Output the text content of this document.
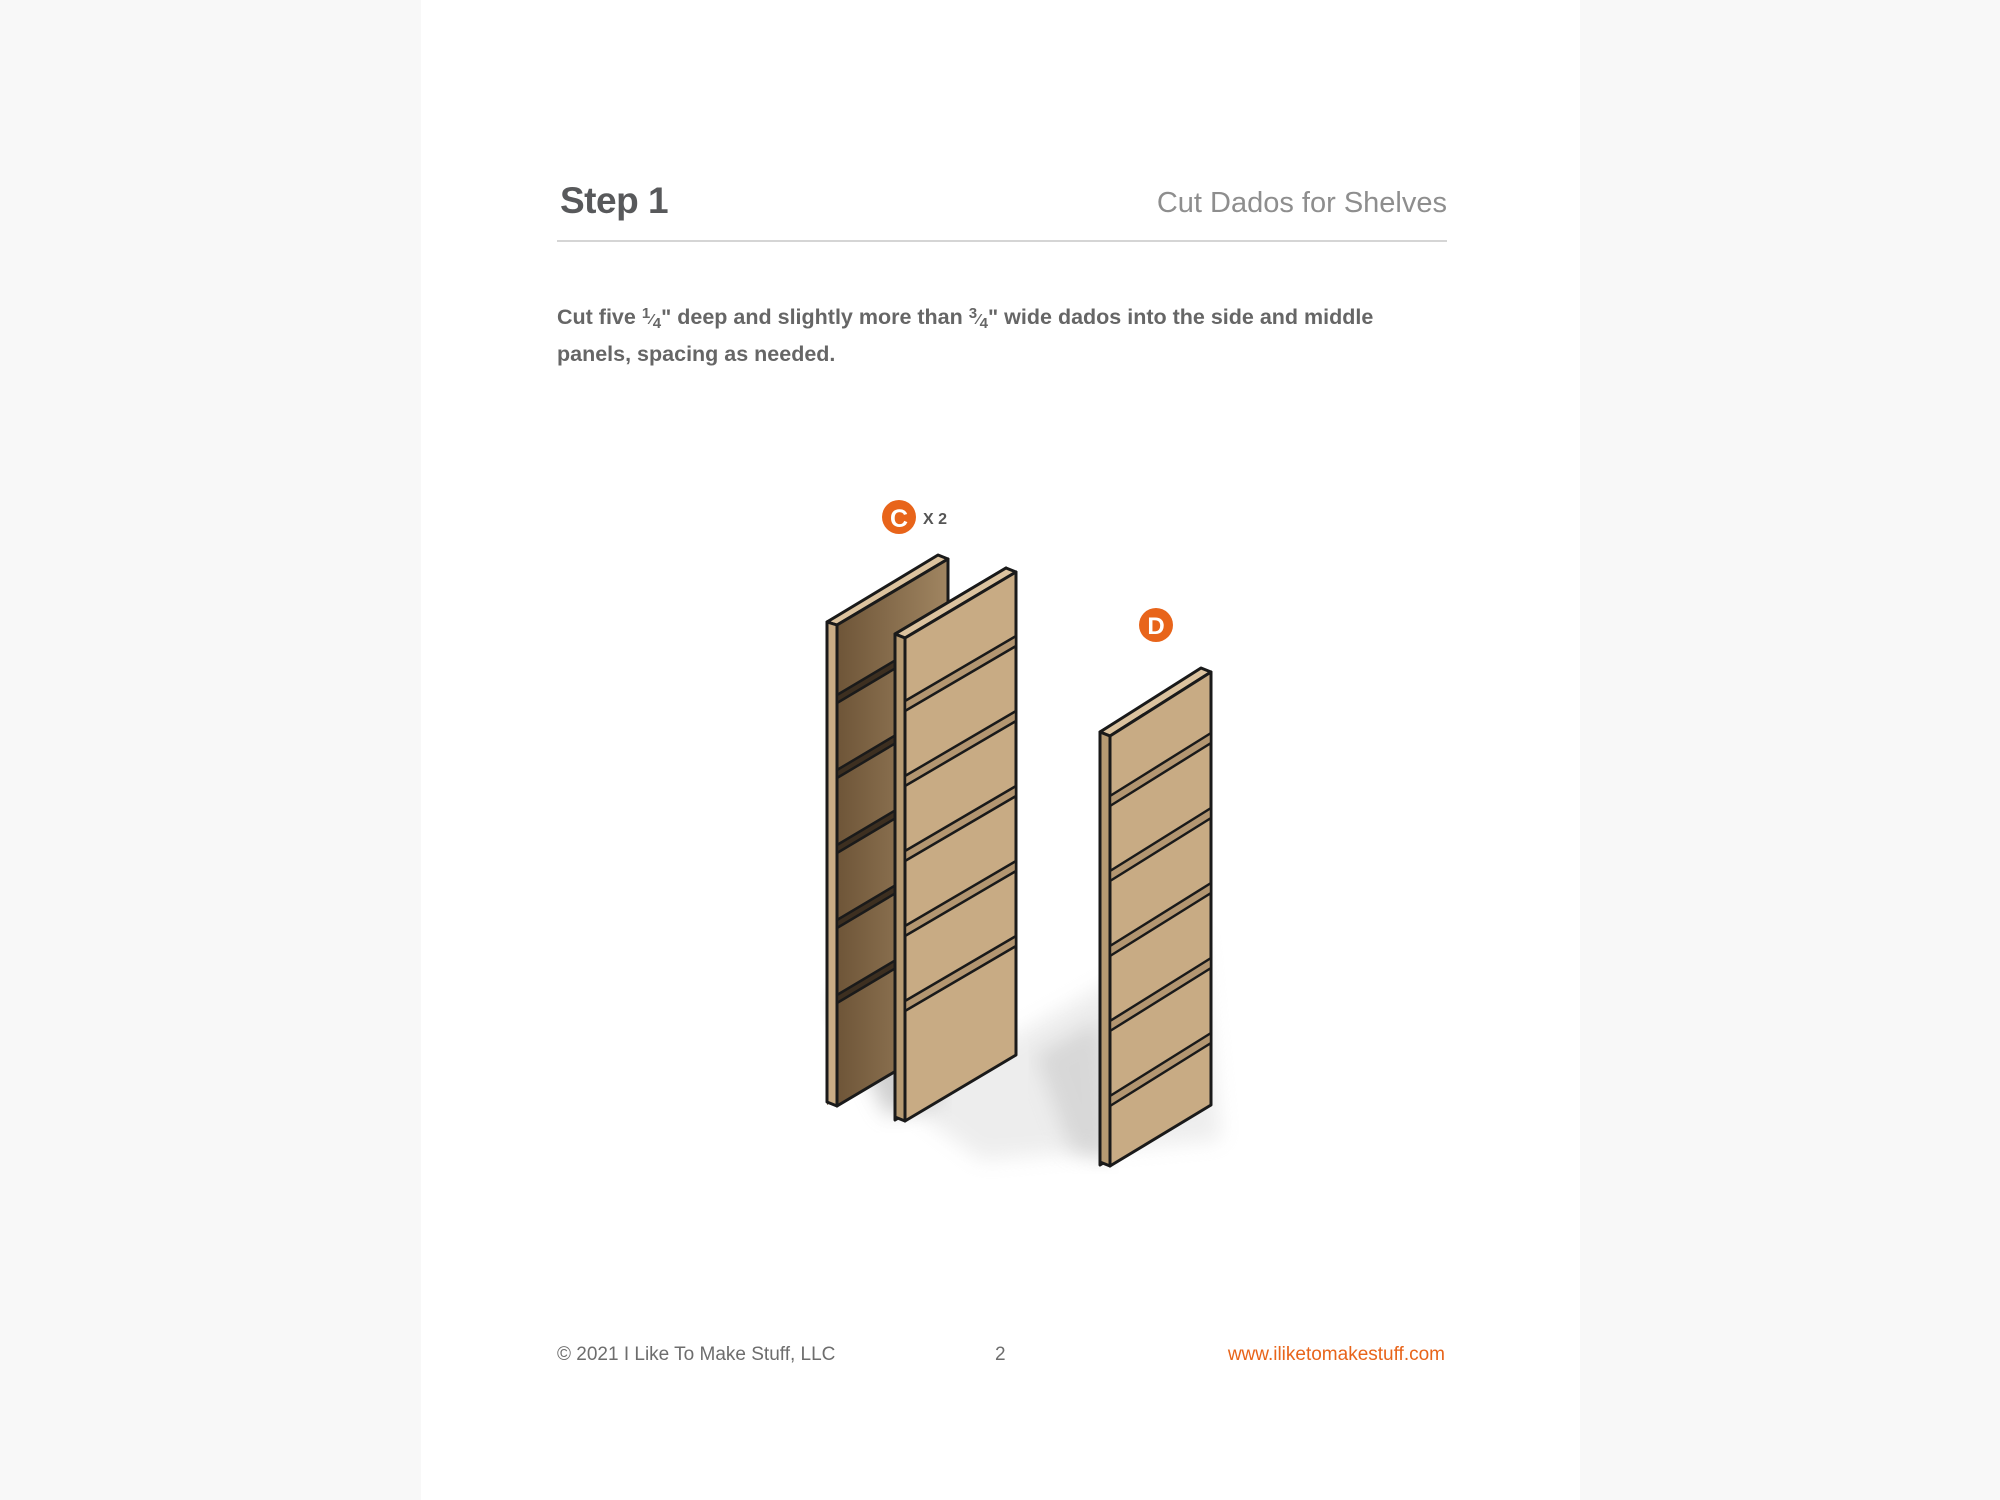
Step 1	Cut Dados for Shelves
Cut five $^1⁄_4$" deep and slightly more than $^3⁄_4$" wide dados into the side and middle panels, spacing as needed.
C X 2
D
© 2021 I Like To Make Stuff, LLC	2	www.iliketomakestuff.com
